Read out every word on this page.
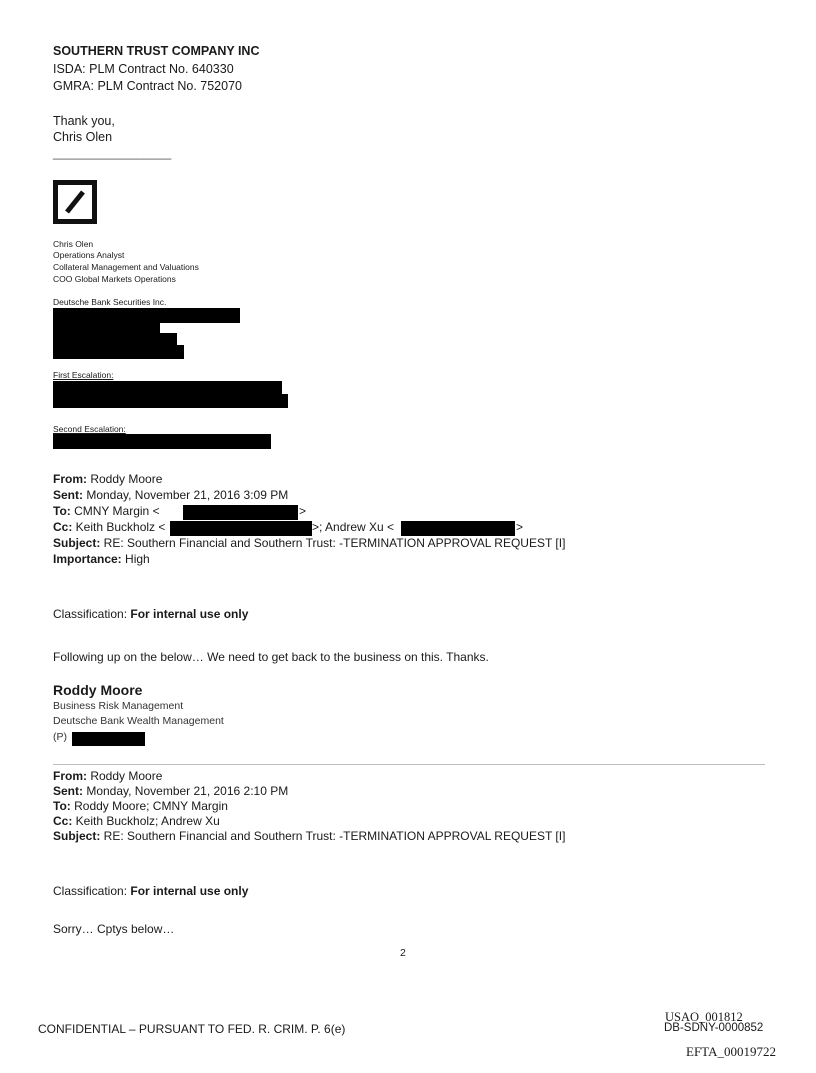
SOUTHERN TRUST COMPANY INC
ISDA: PLM Contract No. 640330
GMRA: PLM Contract No. 752070
Thank you,
Chris Olen
_________________
Chris Olen
Operations Analyst
Collateral Management and Valuations
COO Global Markets Operations
Deutsche Bank Securities Inc.
First Escalation:
Second Escalation:
From: Roddy Moore
Sent: Monday, November 21, 2016 3:09 PM
To: CMNY Margin <	>
Cc: Keith Buckholz <	>; Andrew Xu <	>
Subject: RE: Southern Financial and Southern Trust: -TERMINATION APPROVAL REQUEST [I]
Importance: High
Classification: For internal use only
Following up on the below… We need to get back to the business on this. Thanks.
Roddy Moore
Business Risk Management
Deutsche Bank Wealth Management
(P)
From: Roddy Moore
Sent: Monday, November 21, 2016 2:10 PM
To: Roddy Moore; CMNY Margin
Cc: Keith Buckholz; Andrew Xu
Subject: RE: Southern Financial and Southern Trust: -TERMINATION APPROVAL REQUEST [I]
Classification: For internal use only
Sorry… Cptys below…
2
CONFIDENTIAL – PURSUANT TO FED. R. CRIM. P. 6(e)
USAO_001812
DB-SDNY-0000852
EFTA_00019722
